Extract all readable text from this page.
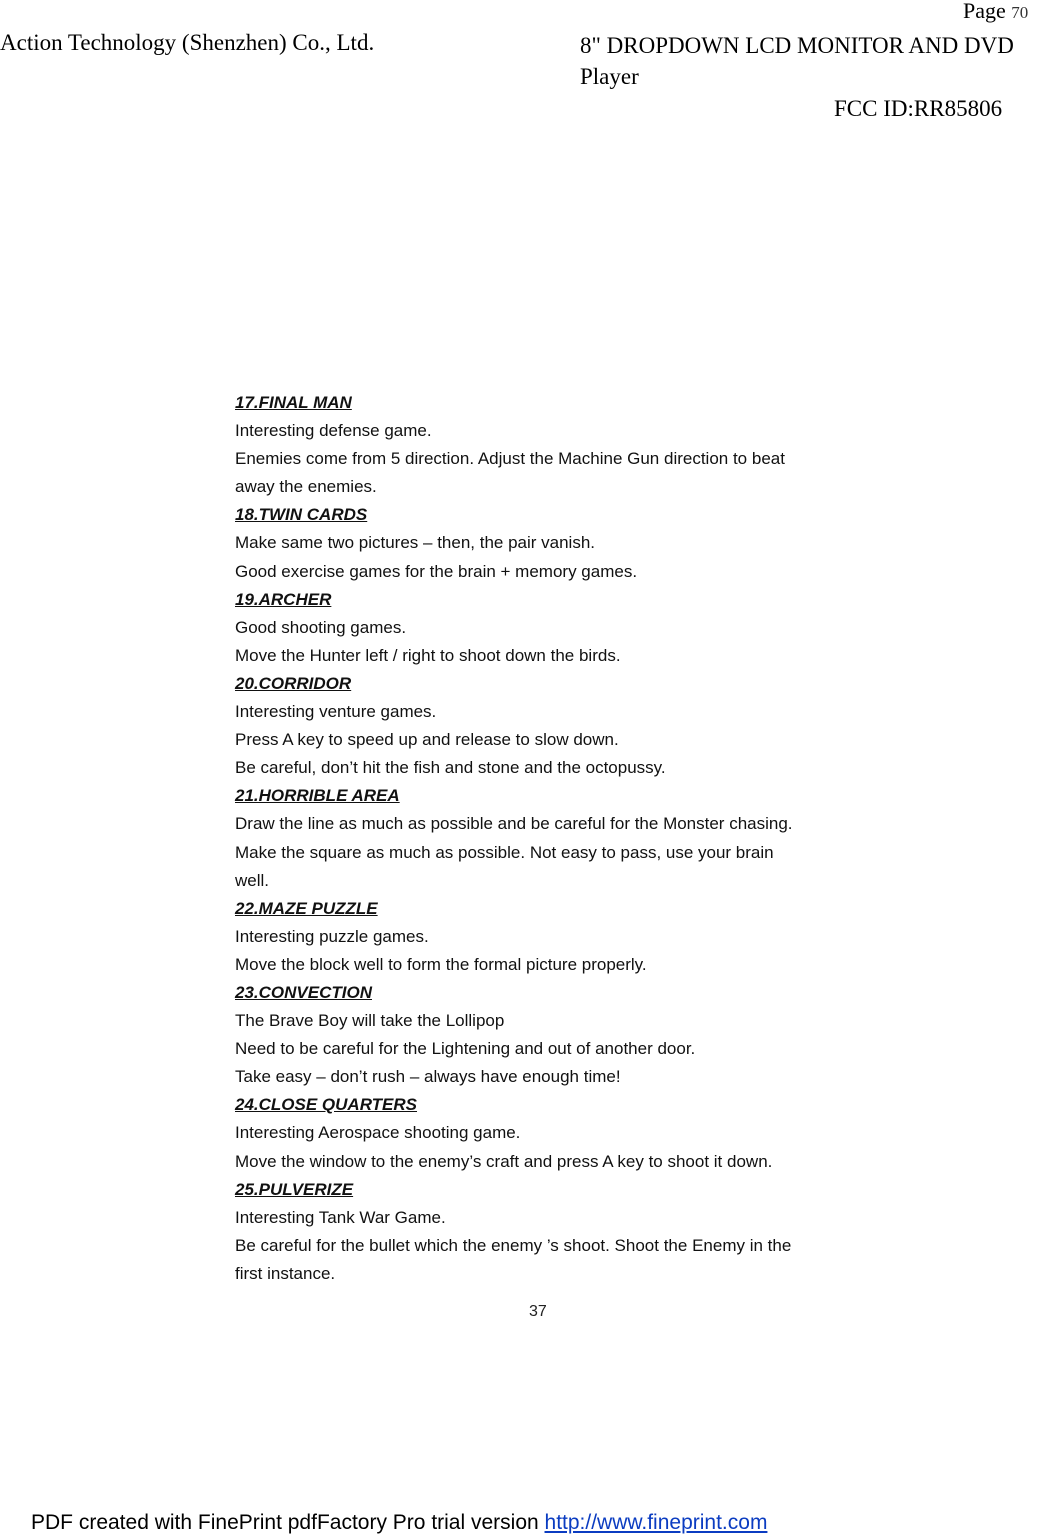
Page 70
Action Technology (Shenzhen) Co., Ltd.	8" DROPDOWN LCD MONITOR AND DVD
Player
FCC ID:RR85806
17.FINAL MAN
Interesting defense game.
Enemies come from 5 direction. Adjust the Machine Gun direction to beat
away the enemies.
18.TWIN CARDS
Make same two pictures – then, the pair vanish.
Good exercise games for the brain + memory games.
19.ARCHER
Good shooting games.
Move the Hunter left / right to shoot down the birds.
20.CORRIDOR
Interesting venture games.
Press A key to speed up and release to slow down.
Be careful, don’t hit the fish and stone and the octopussy.
21.HORRIBLE AREA
Draw the line as much as possible and be careful for the Monster chasing.
Make the square as much as possible. Not easy to pass, use your brain
well.
22.MAZE PUZZLE
Interesting puzzle games.
Move the block well to form the formal picture properly.
23.CONVECTION
The Brave Boy will take the Lollipop
Need to be careful for the Lightening and out of another door.
Take easy – don’t rush – always have enough time!
24.CLOSE QUARTERS
Interesting Aerospace shooting game.
Move the window to the enemy’s craft and press A key to shoot it down.
25.PULVERIZE
Interesting Tank War Game.
Be careful for the bullet which the enemy ’s shoot. Shoot the Enemy in the
first instance.
37
PDF created with FinePrint pdfFactory Pro trial version http://www.fineprint.com
